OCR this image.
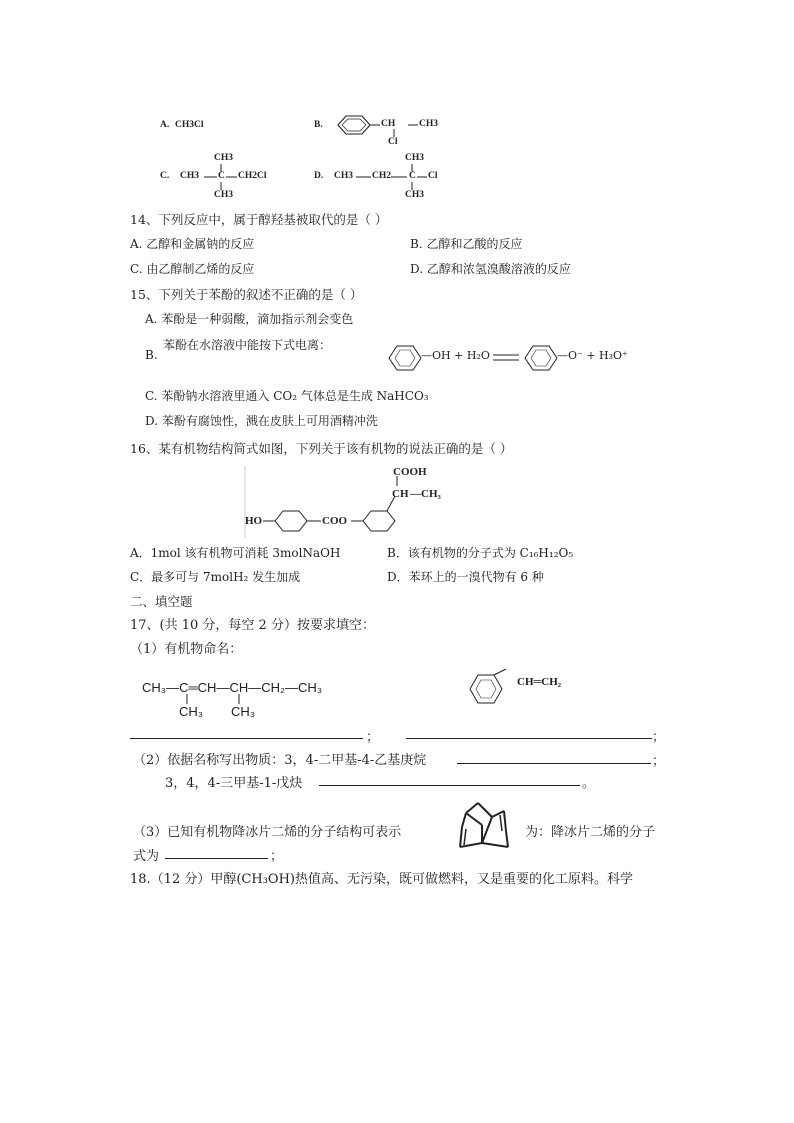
A. CH3Cl	B.	CH	CH3
Cl
C. CH3
CH3
C
CH3
CH2Cl	D. CH3 CH2
CH3
C
CH3
Cl
14、下列反应中，属于醇羟基被取代的是（ ）
A. 乙醇和金属钠的反应	B. 乙醇和乙酸的反应
C. 由乙醇制乙烯的反应	D. 乙醇和浓氢溴酸溶液的反应
15、下列关于苯酚的叙述不正确的是（ ）
A. 苯酚是一种弱酸，滴加指示剂会变色
B.
苯酚在水溶液中能按下式电离：
—OH + H₂O	—O⁻ + H₃O⁺
C. 苯酚钠水溶液里通入 CO₂ 气体总是生成 NaHCO₃
D. 苯酚有腐蚀性，溅在皮肤上可用酒精冲洗
16、某有机物结构简式如图，下列关于该有机物的说法正确的是（ ）
HO	COO
COOH
CH —CH₃
A．1mol 该有机物可消耗 3molNaOH	B．该有机物的分子式为 C₁₆H₁₂O₅
C．最多可与 7molH₂ 发生加成	D．苯环上的一溴代物有 6 种
二、填空题
17、(共 10 分，每空 2 分）按要求填空：
（1）有机物命名：
CH₃—C═CH—CH—CH₂—CH₃
CH₃ CH₃
CH═CH₂
；	；
（2）依据名称写出物质：3，4-二甲基-4-乙基庚烷	；
3，4，4-三甲基-1-戊炔	。
（3）已知有机物降冰片二烯的分子结构可表示	为：降冰片二烯的分子
式为	；
18.（12 分）甲醇(CH₃OH)热值高、无污染，既可做燃料，又是重要的化工原料。科学
